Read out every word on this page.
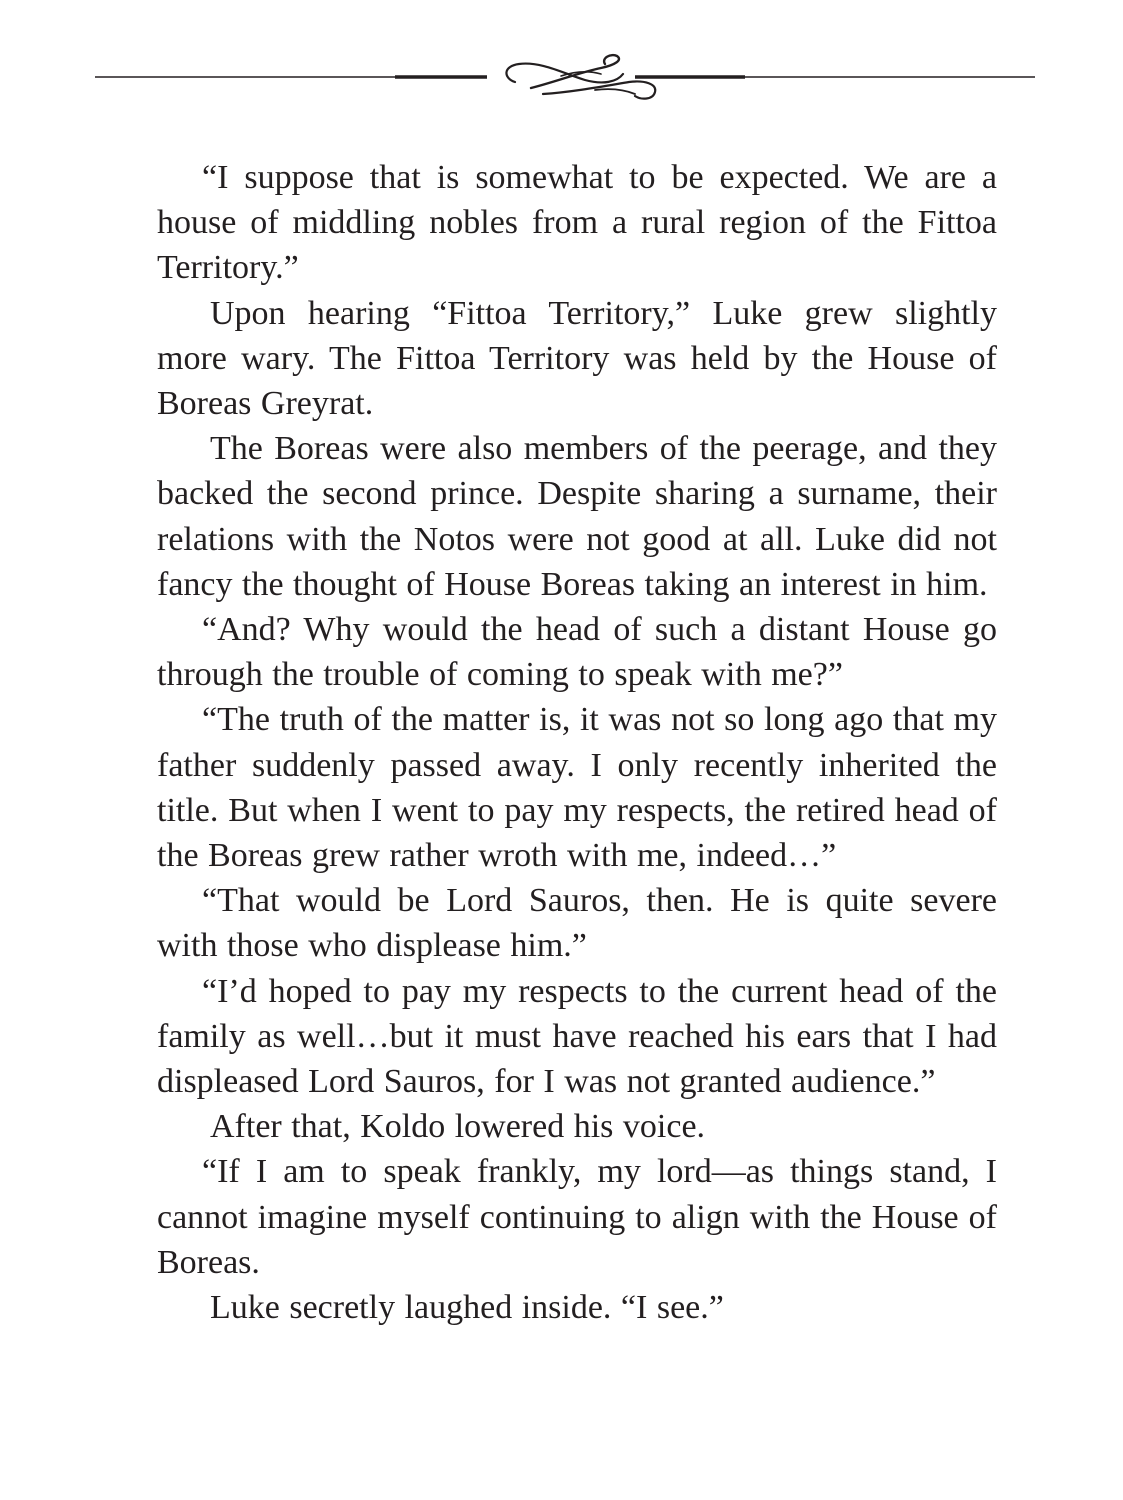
“I suppose that is somewhat to be expected. We are a house of middling nobles from a rural region of the Fittoa Territory.”

Upon hearing “Fittoa Territory,” Luke grew slightly more wary. The Fittoa Territory was held by the House of Boreas Greyrat.

The Boreas were also members of the peerage, and they backed the second prince. Despite sharing a surname, their relations with the Notos were not good at all. Luke did not fancy the thought of House Boreas taking an interest in him.

“And? Why would the head of such a distant House go through the trouble of coming to speak with me?”

“The truth of the matter is, it was not so long ago that my father suddenly passed away. I only recently inherited the title. But when I went to pay my respects, the retired head of the Boreas grew rather wroth with me, indeed…”

“That would be Lord Sauros, then. He is quite severe with those who displease him.”

“I’d hoped to pay my respects to the current head of the family as well…but it must have reached his ears that I had displeased Lord Sauros, for I was not granted audience.”

After that, Koldo lowered his voice.

“If I am to speak frankly, my lord—as things stand, I cannot imagine myself continuing to align with the House of Boreas.

Luke secretly laughed inside. “I see.”
